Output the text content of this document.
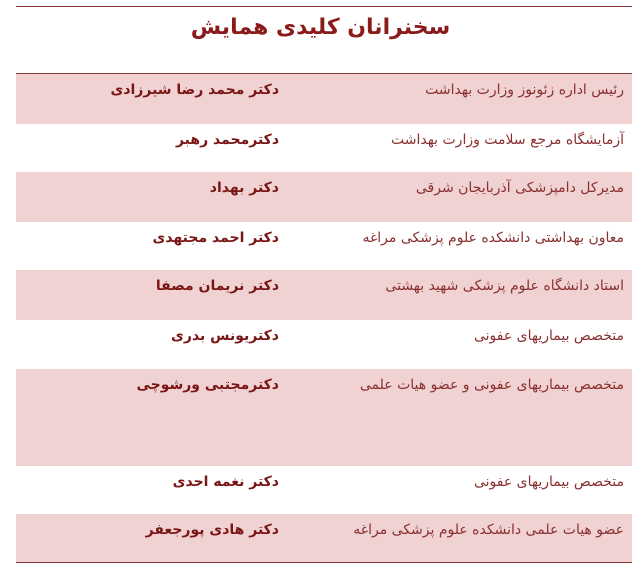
سخنرانان کلیدی همایش
دکتر محمد رضا شیرزادی	رئیس اداره زئونوز وزارت بهداشت
دکترمحمد رهبر	آزمایشگاه مرجع سلامت وزارت بهداشت
دکتر بهداد	مدیرکل دامپزشکی آذربایجان شرقی
دکتر احمد مجتهدی	معاون بهداشتی دانشکده علوم پزشکی مراغه
دکتر نریمان مصفا	استاد دانشگاه علوم پزشکی شهید بهشتی
دکتریونس بدری	متخصص بیماریهای عفونی
دکترمجتبی ورشوچی	متخصص بیماریهای عفونی و عضو هیات علمی
دکتر نغمه احدی	متخصص بیماریهای عفونی
دکتر هادی پورجعفر	عضو هیات علمی دانشکده علوم پزشکی مراغه
